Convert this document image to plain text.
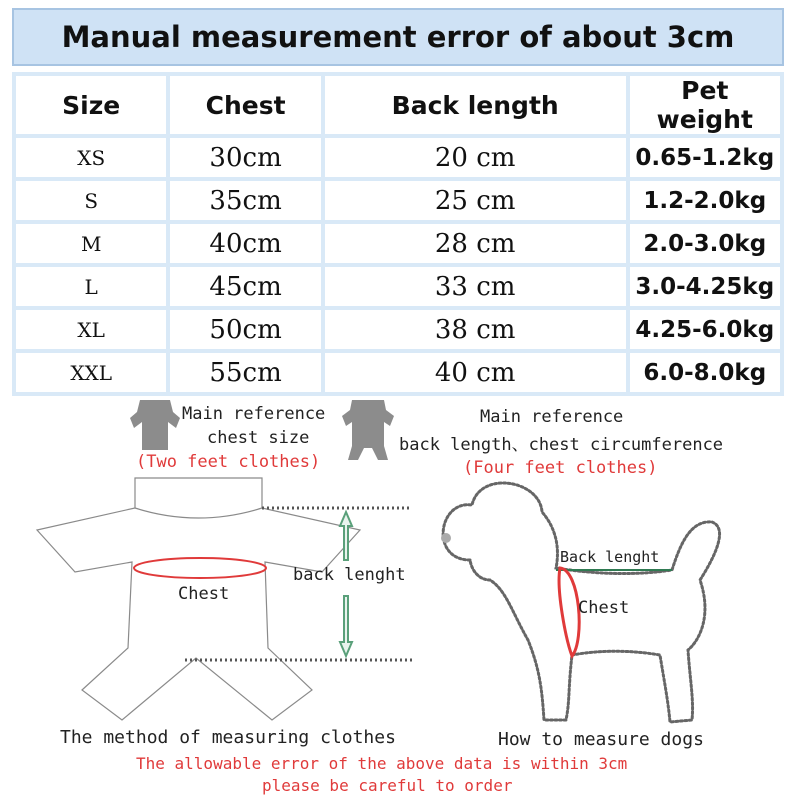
Manual measurement error of about 3cm
Size	Chest	Back length	Pet weight
XS	30cm	20 cm	0.65-1.2kg
S	35cm	25 cm	1.2-2.0kg
M	40cm	28 cm	2.0-3.0kg
L	45cm	33 cm	3.0-4.25kg
XL	50cm	38 cm	4.25-6.0kg
XXL	55cm	40 cm	6.0-8.0kg
Main reference
chest size
(Two feet clothes)
Main reference
back length、chest circumference
(Four feet clothes)
back lenght
Chest
The method of measuring clothes
Back lenght
Chest
How to measure dogs
The allowable error of the above data is within 3cm
please be careful to order
